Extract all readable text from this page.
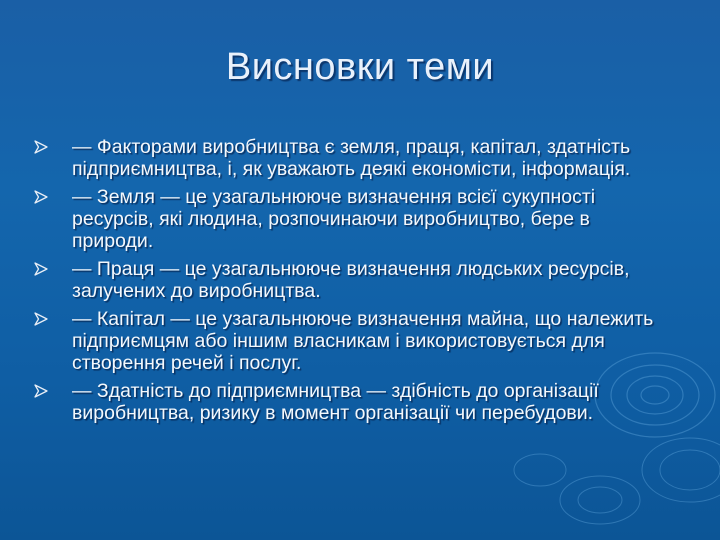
Висновки теми
— Факторами виробництва є земля, праця, капітал, здатність підприємництва, і, як уважають деякі економісти, інформація.
— Земля — це узагальнююче визначення всієї сукупності ресурсів, які людина, розпочинаючи виробництво, бере в природи.
— Праця — це узагальнююче визначення людських ресурсів, залучених до виробництва.
— Капітал — це узагальнююче визначення майна, що належить підприємцям або іншим власникам і використовується для створення речей і послуг.
— Здатність до підприємництва — здібність до організації виробництва, ризику в момент організації чи перебудови.
